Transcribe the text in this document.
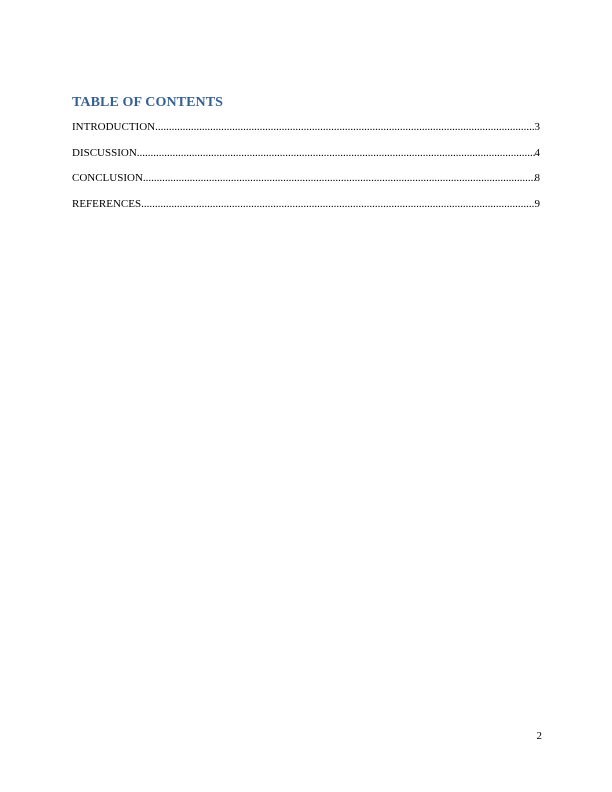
TABLE OF CONTENTS
INTRODUCTION .....	3
DISCUSSION .....	4
CONCLUSION .....	8
REFERENCES .....	9
2
